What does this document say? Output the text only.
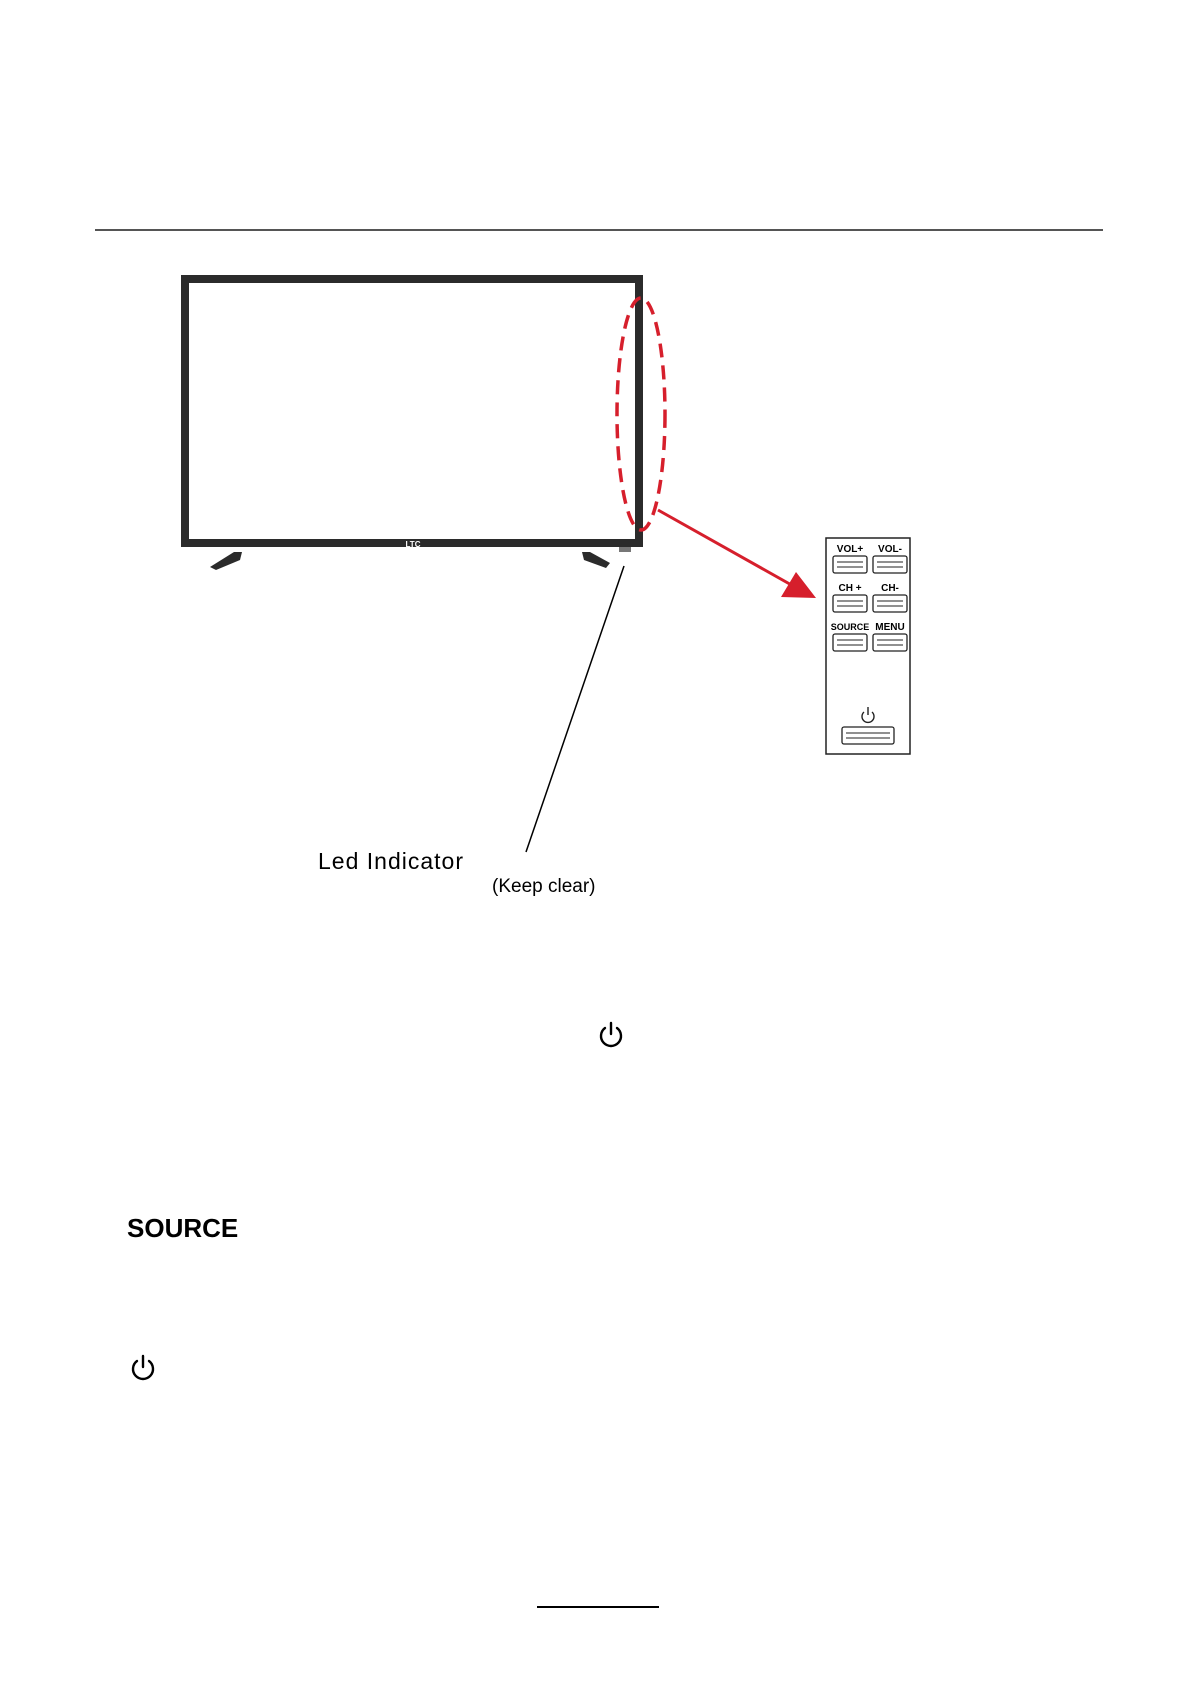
LTC	VOL+ VOL-
CH + CH-
SOURCE MENU
Led Indicator
(Keep clear)
SOURCE
